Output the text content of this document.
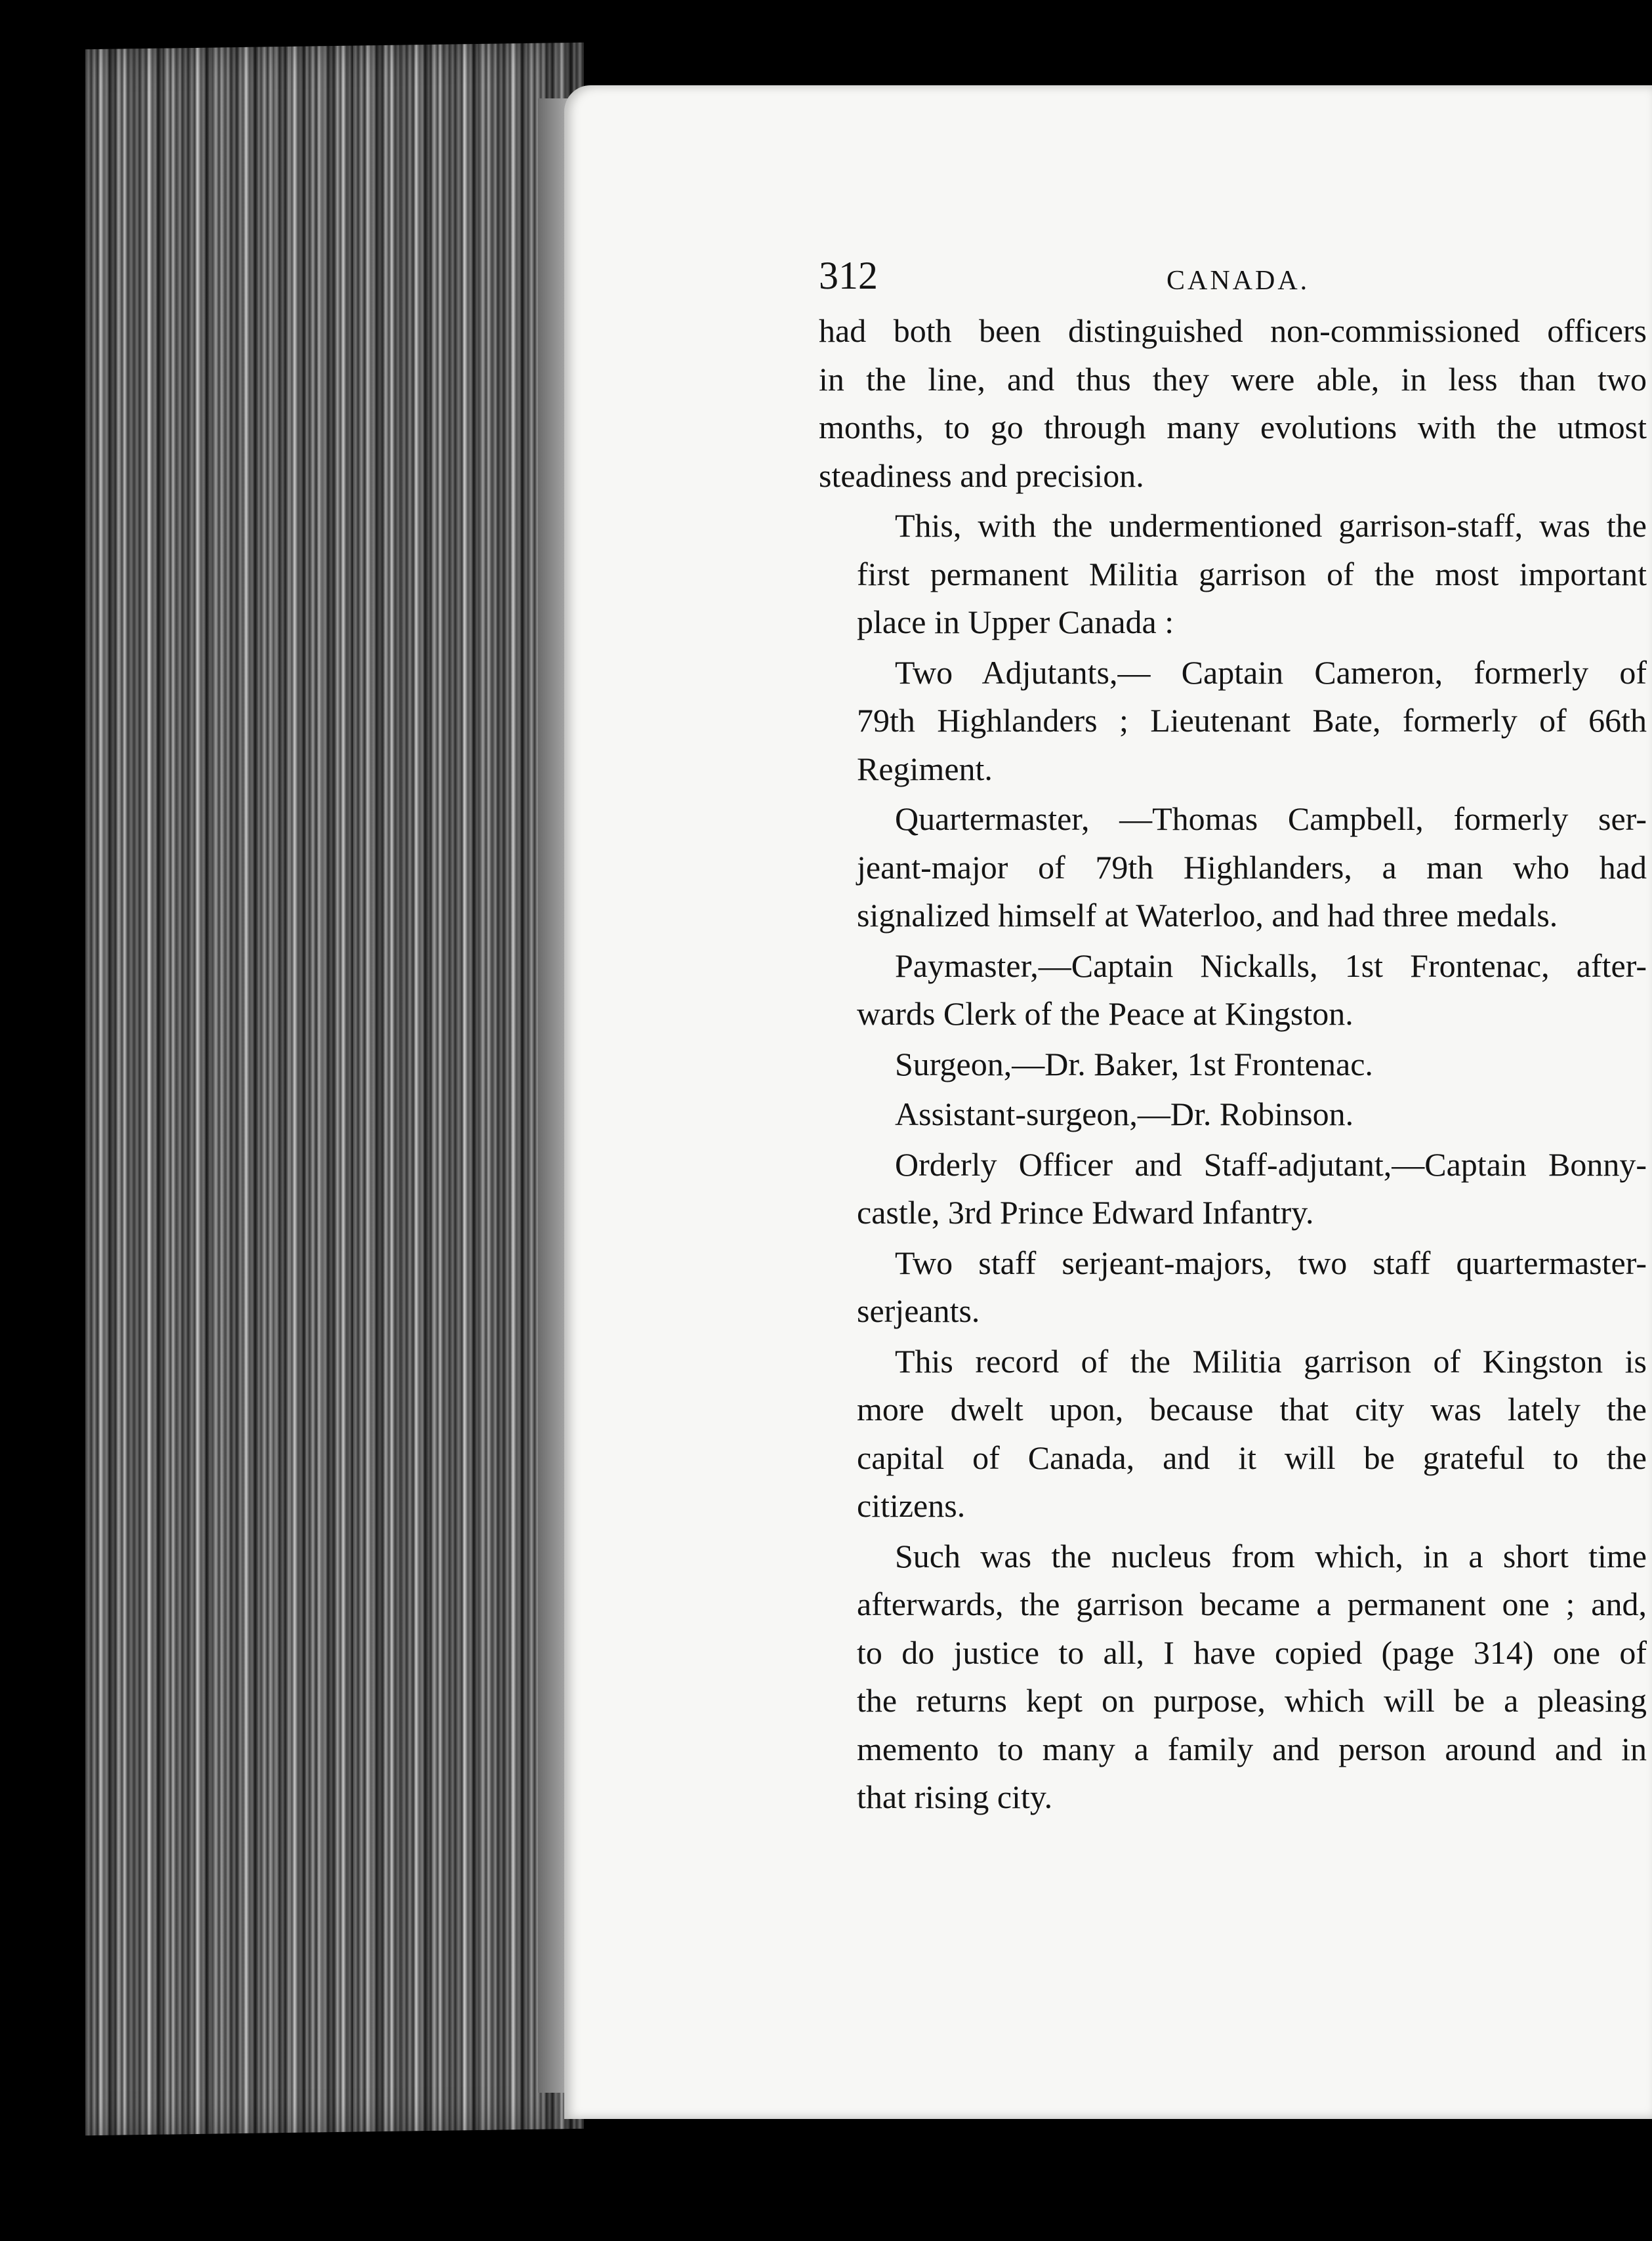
312	CANADA.
had both been distinguished non-commissioned officers
in the line, and thus they were able, in less than two
months, to go through many evolutions with the utmost
steadiness and precision.
This, with the undermentioned garrison-staff, was the
first permanent Militia garrison of the most important
place in Upper Canada :
Two Adjutants,— Captain Cameron, formerly of
79th Highlanders ; Lieutenant Bate, formerly of 66th
Regiment.
Quartermaster, —Thomas Campbell, formerly ser-
jeant-major of 79th Highlanders, a man who had
signalized himself at Waterloo, and had three medals.
Paymaster,—Captain Nickalls, 1st Frontenac, after-
wards Clerk of the Peace at Kingston.
Surgeon,—Dr. Baker, 1st Frontenac.
Assistant-surgeon,—Dr. Robinson.
Orderly Officer and Staff-adjutant,—Captain Bonny-
castle, 3rd Prince Edward Infantry.
Two staff serjeant-majors, two staff quartermaster-
serjeants.
This record of the Militia garrison of Kingston is
more dwelt upon, because that city was lately the
capital of Canada, and it will be grateful to the
citizens.
Such was the nucleus from which, in a short time
afterwards, the garrison became a permanent one ; and,
to do justice to all, I have copied (page 314) one of
the returns kept on purpose, which will be a pleasing
memento to many a family and person around and in
that rising city.
